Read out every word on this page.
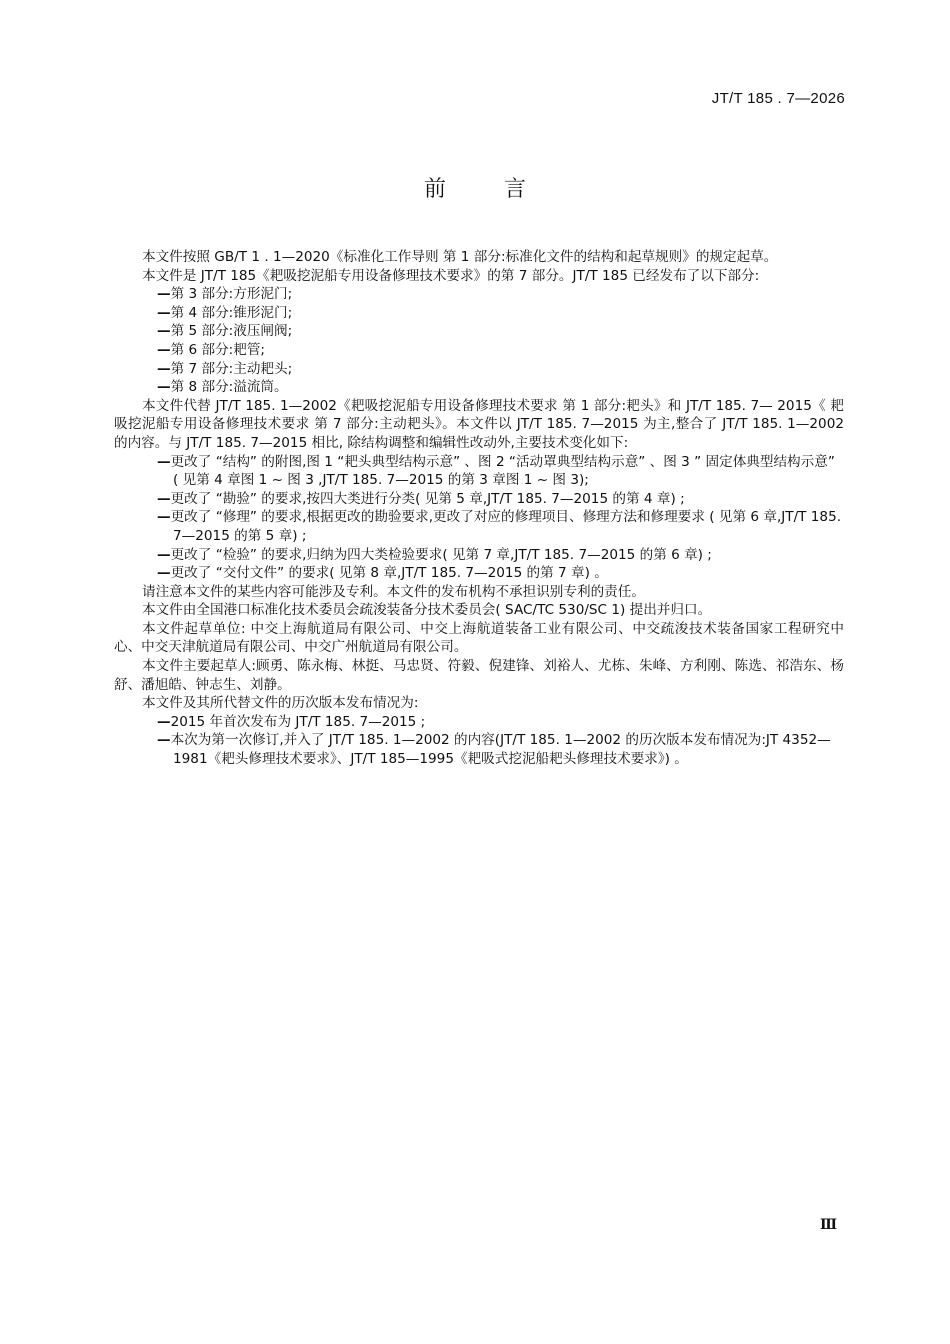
JT/T 185 . 7—2026
前	言

本文件按照 GB/T 1 . 1—2020《标准化工作导则 第 1 部分:标准化文件的结构和起草规则》的规定起草。

本文件是 JT/T 185《耙吸挖泥船专用设备修理技术要求》的第 7 部分。JT/T 185 已经发布了以下部分:

— 第 3 部分:方形泥门;

— 第 4 部分:锥形泥门;

— 第 5 部分:液压闸阀;

— 第 6 部分:耙管;

— 第 7 部分:主动耙头;

— 第 8 部分:溢流筒。

本文件代替 JT/T 185. 1—2002《耙吸挖泥船专用设备修理技术要求 第 1 部分:耙头》和 JT/T 185. 7— 2015《 耙吸挖泥船专用设备修理技术要求 第 7 部分:主动耙头》。本文件以 JT/T 185. 7—2015 为主,整合了 JT/T 185. 1—2002 的内容。与 JT/T 185. 7—2015 相比, 除结构调整和编辑性改动外,主要技术变化如下:

— 更改了 “结构” 的附图,图 1 “耙头典型结构示意” 、图 2 “活动罩典型结构示意” 、图 3 ” 固定体典型结构示意” ( 见第 4 章图 1 ~ 图 3 ,JT/T 185. 7—2015 的第 3 章图 1 ~ 图 3);

— 更改了 “勘验” 的要求,按四大类进行分类( 见第 5 章,JT/T 185. 7—2015 的第 4 章) ;

— 更改了 “修理” 的要求,根据更改的勘验要求,更改了对应的修理项目、修理方法和修理要求 ( 见第 6 章,JT/T 185. 7—2015 的第 5 章) ;

— 更改了 “检验” 的要求,归纳为四大类检验要求( 见第 7 章,JT/T 185. 7—2015 的第 6 章) ;

— 更改了 “交付文件” 的要求( 见第 8 章,JT/T 185. 7—2015 的第 7 章) 。

请注意本文件的某些内容可能涉及专利。本文件的发布机构不承担识别专利的责任。

本文件由全国港口标准化技术委员会疏浚装备分技术委员会( SAC/TC 530/SC 1) 提出并归口。

本文件起草单位: 中交上海航道局有限公司、中交上海航道装备工业有限公司、中交疏浚技术装备国家工程研究中心、中交天津航道局有限公司、中交广州航道局有限公司。

本文件主要起草人:顾勇、陈永梅、林挺、马忠贤、符毅、倪建锋、刘裕人、尤栋、朱峰、方利刚、陈选、祁浩东、杨舒、潘旭皓、钟志生、刘静。

本文件及其所代替文件的历次版本发布情况为:

— 2015 年首次发布为 JT/T 185. 7—2015 ;

— 本次为第一次修订,并入了 JT/T 185. 1—2002 的内容(JT/T 185. 1—2002 的历次版本发布情况为:JT 4352—1981《耙头修理技术要求》、JT/T 185—1995《耙吸式挖泥船耙头修理技术要求》) 。

Ⅲ
